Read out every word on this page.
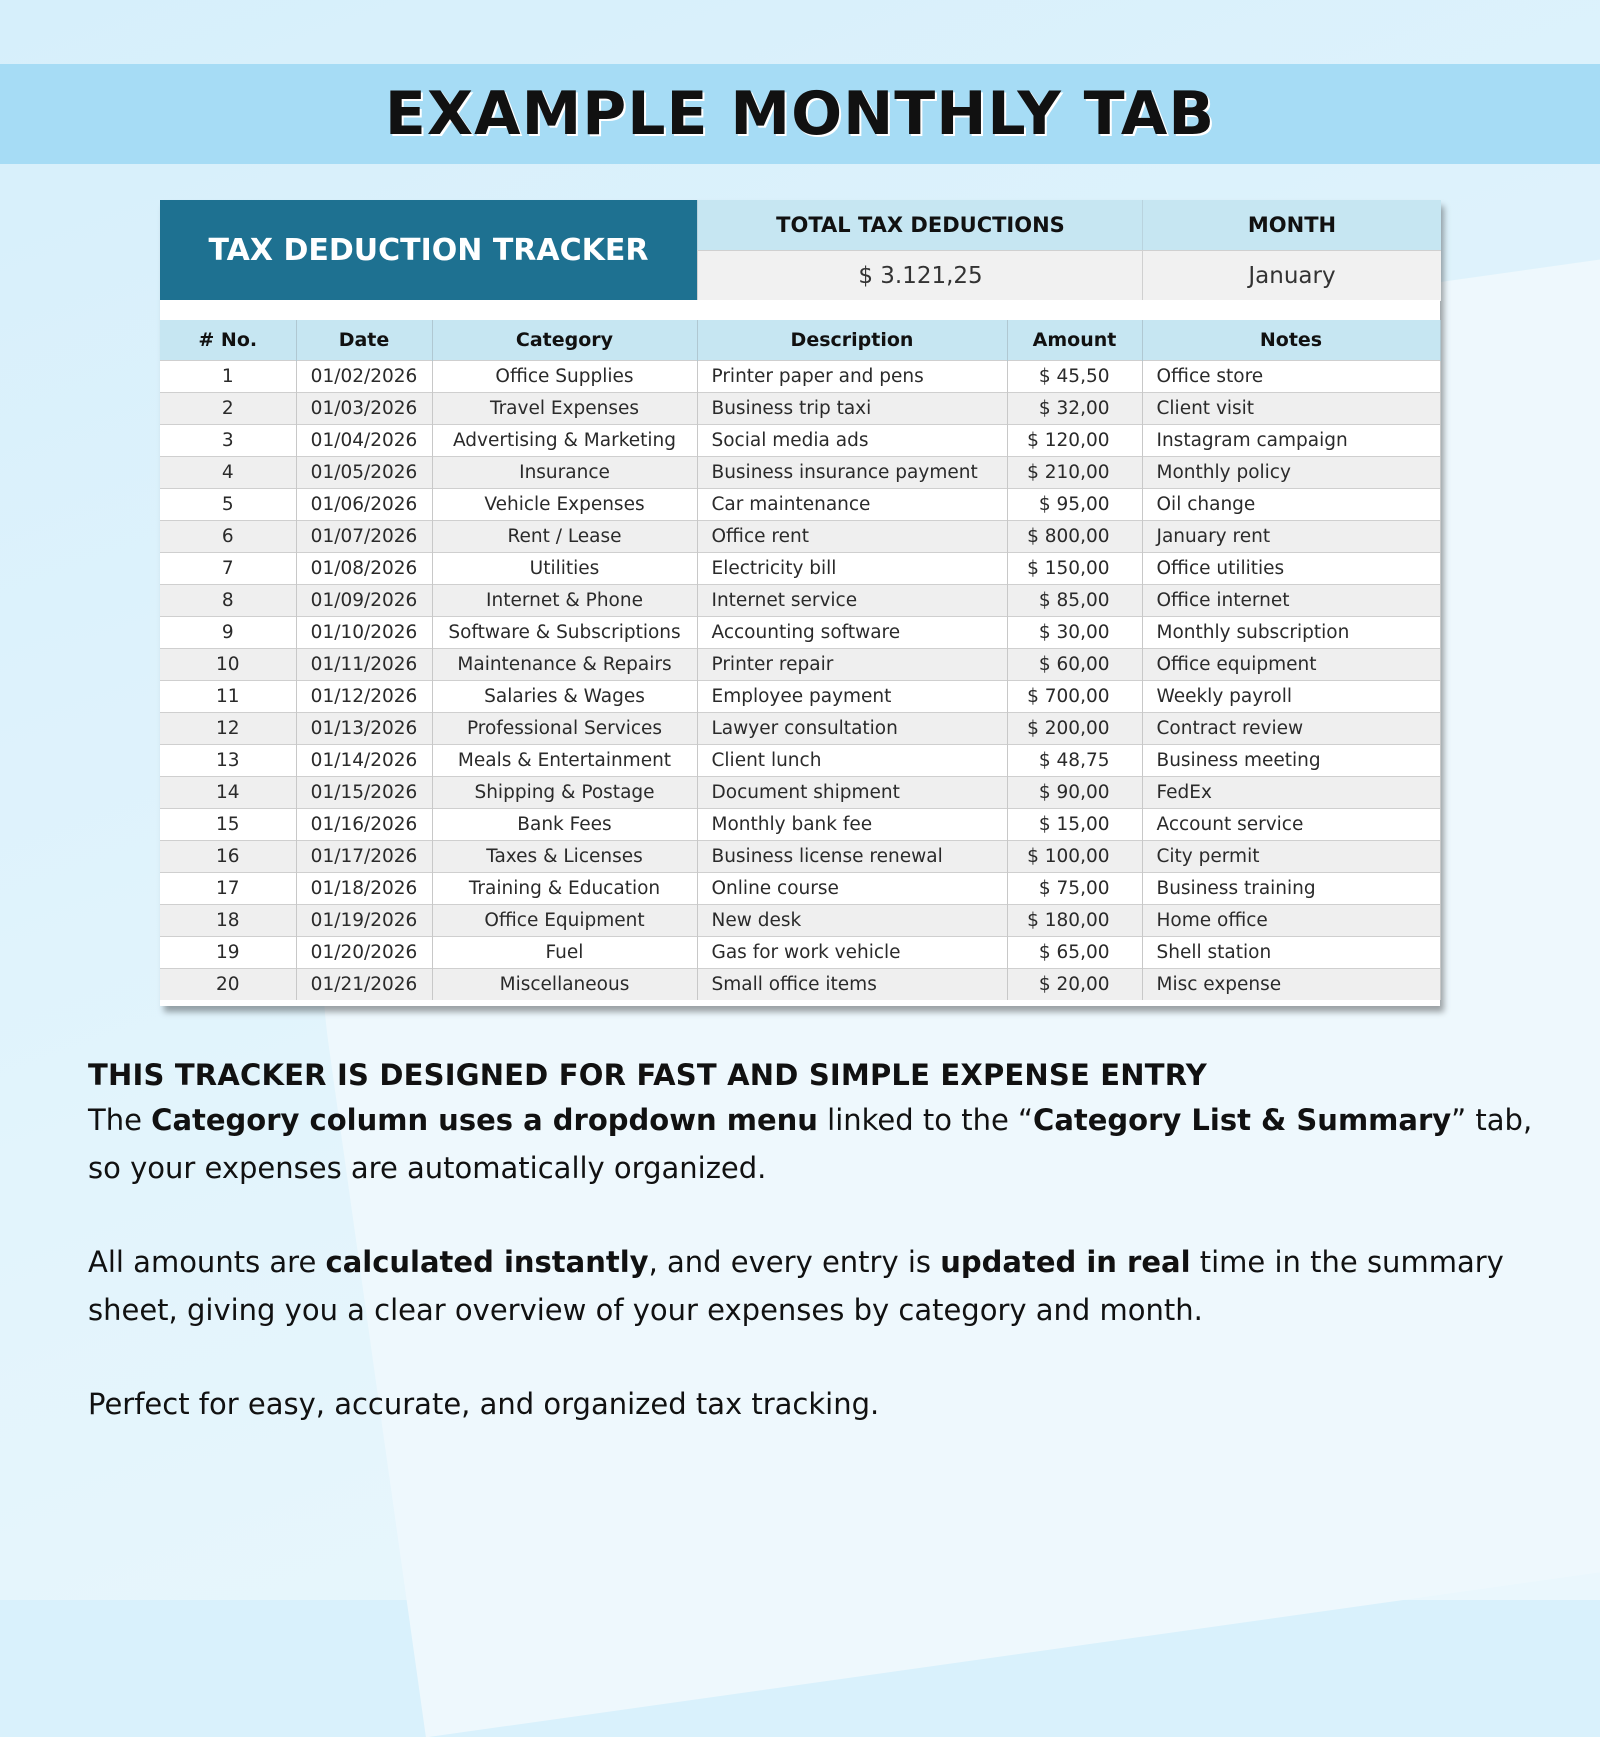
EXAMPLE MONTHLY TAB
TAX DEDUCTION TRACKER
TOTAL TAX DEDUCTIONS	MONTH
$ 3.121,25	January
# No.	Date	Category	Description	Amount	Notes
1	01/02/2026	Office Supplies	Printer paper and pens	$ 45,50	Office store
2	01/03/2026	Travel Expenses	Business trip taxi	$ 32,00	Client visit
3	01/04/2026	Advertising & Marketing	Social media ads	$ 120,00	Instagram campaign
4	01/05/2026	Insurance	Business insurance payment	$ 210,00	Monthly policy
5	01/06/2026	Vehicle Expenses	Car maintenance	$ 95,00	Oil change
6	01/07/2026	Rent / Lease	Office rent	$ 800,00	January rent
7	01/08/2026	Utilities	Electricity bill	$ 150,00	Office utilities
8	01/09/2026	Internet & Phone	Internet service	$ 85,00	Office internet
9	01/10/2026	Software & Subscriptions	Accounting software	$ 30,00	Monthly subscription
10	01/11/2026	Maintenance & Repairs	Printer repair	$ 60,00	Office equipment
11	01/12/2026	Salaries & Wages	Employee payment	$ 700,00	Weekly payroll
12	01/13/2026	Professional Services	Lawyer consultation	$ 200,00	Contract review
13	01/14/2026	Meals & Entertainment	Client lunch	$ 48,75	Business meeting
14	01/15/2026	Shipping & Postage	Document shipment	$ 90,00	FedEx
15	01/16/2026	Bank Fees	Monthly bank fee	$ 15,00	Account service
16	01/17/2026	Taxes & Licenses	Business license renewal	$ 100,00	City permit
17	01/18/2026	Training & Education	Online course	$ 75,00	Business training
18	01/19/2026	Office Equipment	New desk	$ 180,00	Home office
19	01/20/2026	Fuel	Gas for work vehicle	$ 65,00	Shell station
20	01/21/2026	Miscellaneous	Small office items	$ 20,00	Misc expense
THIS TRACKER IS DESIGNED FOR FAST AND SIMPLE EXPENSE ENTRY

The Category column uses a dropdown menu linked to the “Category List & Summary” tab, so your expenses are automatically organized.

All amounts are calculated instantly, and every entry is updated in real time in the summary sheet, giving you a clear overview of your expenses by category and month.

Perfect for easy, accurate, and organized tax tracking.
